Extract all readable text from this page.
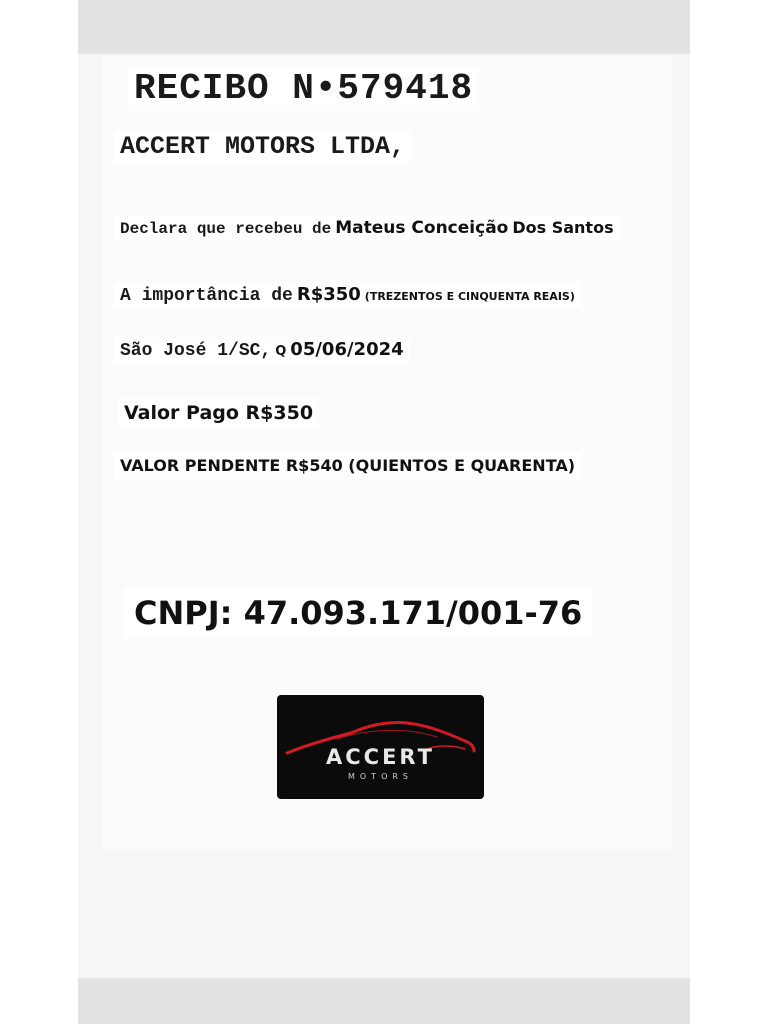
RECIBO N•579418
ACCERT MOTORS LTDA,
Declara que recebeu de Mateus Conceição Dos Santos
A importância de R$350 (TREZENTOS E CINQUENTA REAIS)
São José 1/SC, Q 05/06/2024
Valor Pago R$350
VALOR PENDENTE R$540 (QUIENTOS E QUARENTA)
CNPJ: 47.093.171/001-76
ACCERT
MOTORS
